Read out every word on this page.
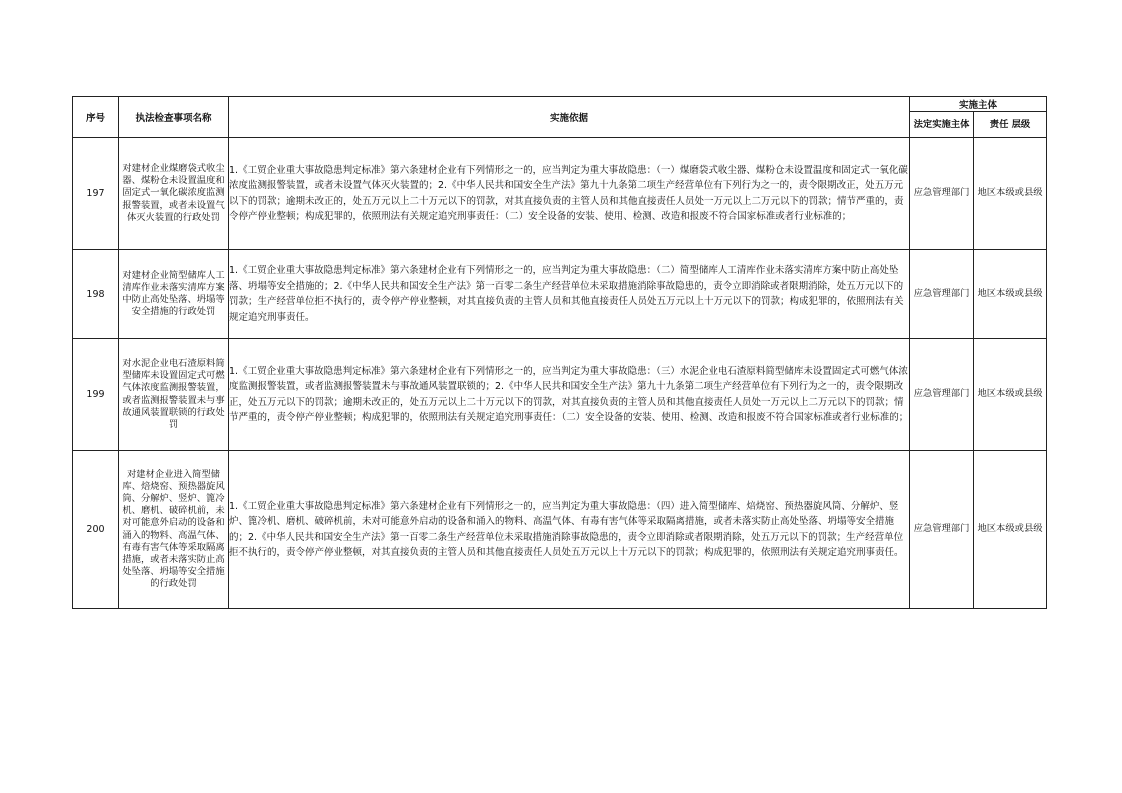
序号	执法检查事项名称	实施依据	实施主体	
			法定实施主体	责任 层级
197	对建材企业煤磨袋式收尘器、煤粉仓未设置温度和固定式一氧化碳浓度监测报警装置，或者未设置气体灭火装置的行政处罚	1.《工贸企业重大事故隐患判定标准》第六条建材企业有下列情形之一的，应当判定为重大事故隐患：（一）煤磨袋式收尘器、煤粉仓未设置温度和固定式一氧化碳浓度监测报警装置，或者未设置气体灭火装置的；2.《中华人民共和国安全生产法》第九十九条第二项生产经营单位有下列行为之一的，责令限期改正，处五万元以下的罚款；逾期未改正的，处五万元以上二十万元以下的罚款，对其直接负责的主管人员和其他直接责任人员处一万元以上二万元以下的罚款；情节严重的，责令停产停业整顿；构成犯罪的，依照刑法有关规定追究刑事责任：（二）安全设备的安装、使用、检测、改造和报废不符合国家标准或者行业标准的；	应急管理部门	地区本级或县级
198	对建材企业简型储库人工清库作业未落实清库方案中防止高处坠落、坍塌等安全措施的行政处罚	1.《工贸企业重大事故隐患判定标准》第六条建材企业有下列情形之一的，应当判定为重大事故隐患：（二）简型储库人工清库作业未落实清库方案中防止高处坠落、坍塌等安全措施的；2.《中华人民共和国安全生产法》第一百零二条生产经营单位未采取措施消除事故隐患的，责令立即消除或者限期消除，处五万元以下的罚款；生产经营单位拒不执行的，责令停产停业整顿，对其直接负责的主管人员和其他直接责任人员处五万元以上十万元以下的罚款；构成犯罪的，依照刑法有关规定追究刑事责任。	应急管理部门	地区本级或县级
199	对水泥企业电石渣原料简型储库未设置固定式可燃气体浓度监测报警装置，或者监测报警装置未与事故通风装置联锁的行政处罚	1.《工贸企业重大事故隐患判定标准》第六条建材企业有下列情形之一的，应当判定为重大事故隐患：（三）水泥企业电石渣原料简型储库未设置固定式可燃气体浓度监测报警装置，或者监测报警装置未与事故通风装置联锁的；2.《中华人民共和国安全生产法》第九十九条第二项生产经营单位有下列行为之一的，责令限期改正，处五万元以下的罚款；逾期未改正的，处五万元以上二十万元以下的罚款，对其直接负责的主管人员和其他直接责任人员处一万元以上二万元以下的罚款；情节严重的，责令停产停业整顿；构成犯罪的，依照刑法有关规定追究刑事责任：（二）安全设备的安装、使用、检测、改造和报废不符合国家标准或者行业标准的；	应急管理部门	地区本级或县级
200	对建材企业进入简型储库、焙烧窑、预热器旋风筒、分解炉、竖炉、篦冷机、磨机、破碎机前，未对可能意外启动的设备和涌入的物料、高温气体、有毒有害气体等采取隔离措施，或者未落实防止高处坠落、坍塌等安全措施的行政处罚	1.《工贸企业重大事故隐患判定标准》第六条建材企业有下列情形之一的，应当判定为重大事故隐患：（四）进入简型储库、焙烧窑、预热器旋风筒、分解炉、竖炉、篦冷机、磨机、破碎机前，未对可能意外启动的设备和涌入的物料、高温气体、有毒有害气体等采取隔离措施，或者未落实防止高处坠落、坍塌等安全措施的；2.《中华人民共和国安全生产法》第一百零二条生产经营单位未采取措施消除事故隐患的，责令立即消除或者限期消除，处五万元以下的罚款；生产经营单位拒不执行的，责令停产停业整顿，对其直接负责的主管人员和其他直接责任人员处五万元以上十万元以下的罚款；构成犯罪的，依照刑法有关规定追究刑事责任。	应急管理部门	地区本级或县级
